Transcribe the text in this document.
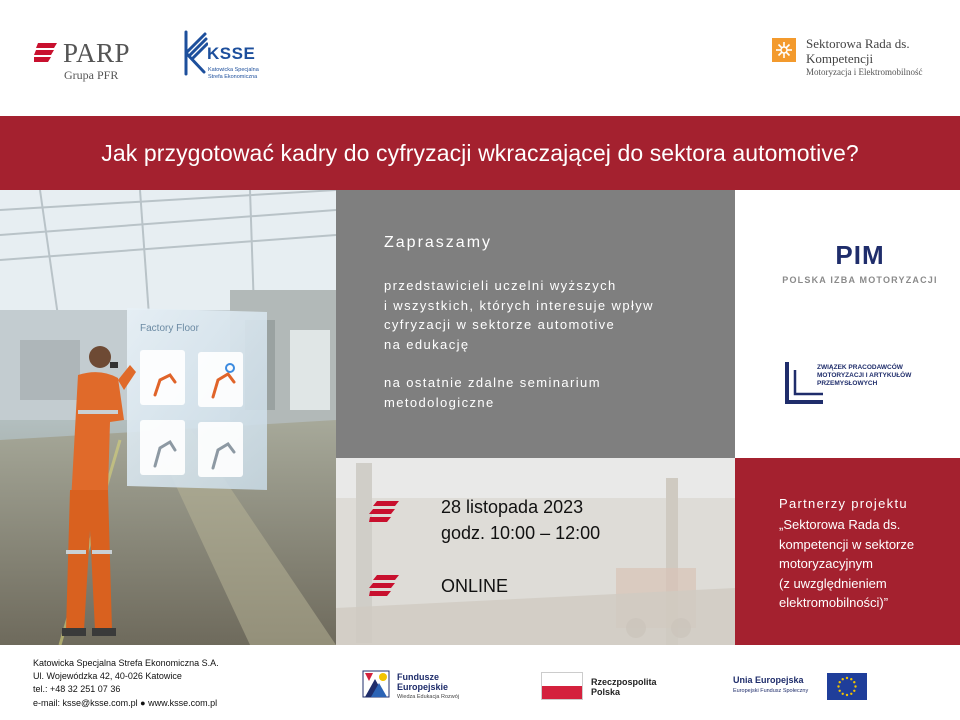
PARP
Grupa PFR
KSSE
Katowicka Specjalna Strefa Ekonomiczna
Sektorowa Rada ds. Kompetencji
Motoryzacja i Elektromobilność
Jak przygotować kadry do cyfryzacji wkraczającej do sektora automotive?
Factory Floor
Zapraszamy

przedstawicieli uczelni wyższych

i wszystkich, których interesuje wpływ

cyfryzacji w sektorze automotive

na edukację

na ostatnie zdalne seminarium

metodologiczne

28 listopada 2023
godz. 10:00 – 12:00
ONLINE
PIM
POLSKA IZBA MOTORYZACJI
ZWIĄZEK PRACODAWCÓW
MOTORYZACJI I ARTYKUŁÓW
PRZEMYSŁOWYCH
Partnerzy projektu

„Sektorowa Rada ds.

kompetencji w sektorze

motoryzacyjnym

(z uwzględnieniem

elektromobilności)”

Katowicka Specjalna Strefa Ekonomiczna S.A.

Ul. Wojewódzka 42, 40-026 Katowice

tel.: +48 32 251 07 36

e-mail: ksse@ksse.com.pl ● www.ksse.com.pl

Fundusze
Europejskie
Wiedza Edukacja Rozwój
Rzeczpospolita
Polska
Unia Europejska
Europejski Fundusz Społeczny
